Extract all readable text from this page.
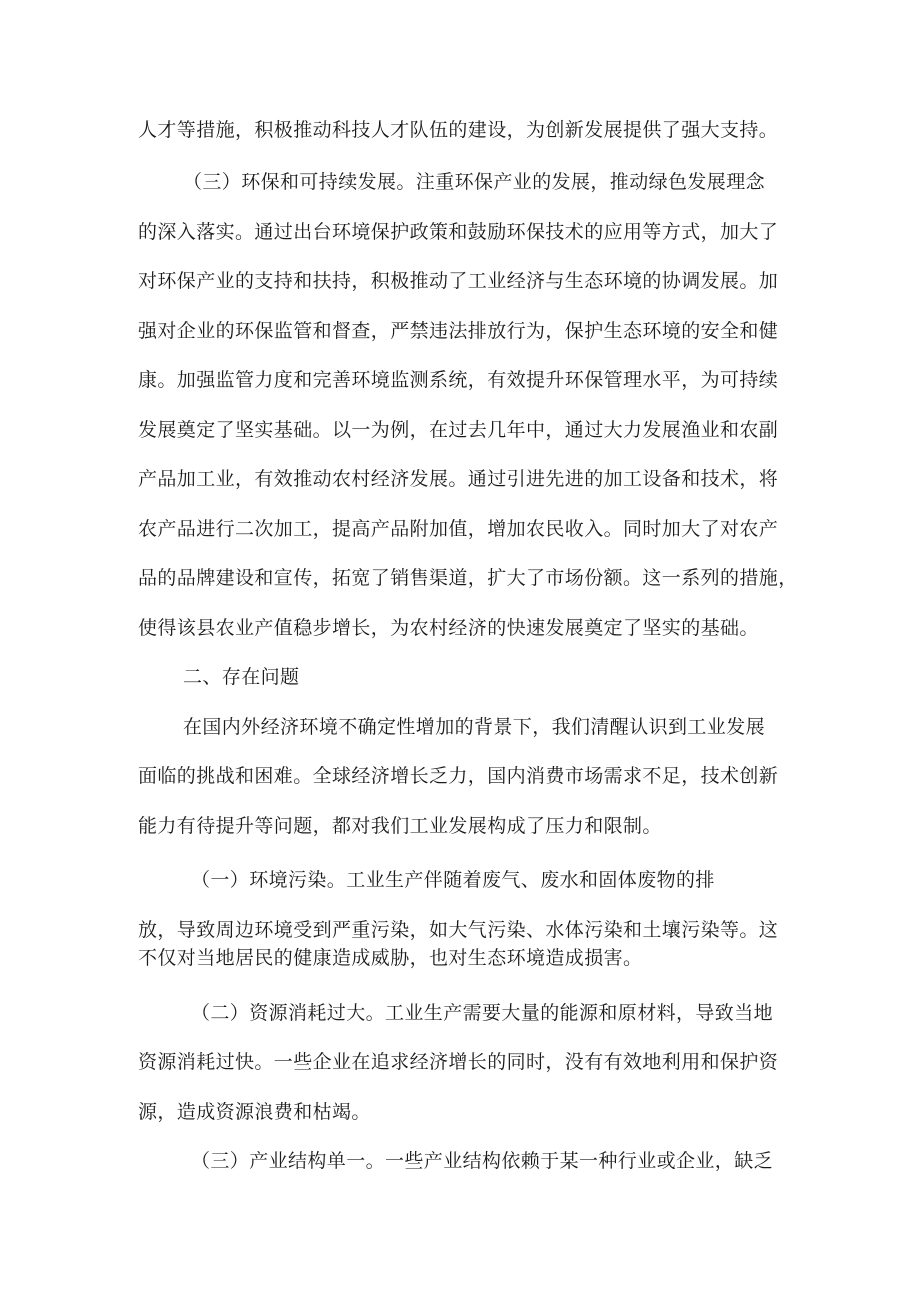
人才等措施，积极推动科技人才队伍的建设，为创新发展提供了强大支持。

（三）环保和可持续发展。注重环保产业的发展，推动绿色发展理念

的深入落实。通过出台环境保护政策和鼓励环保技术的应用等方式，加大了

对环保产业的支持和扶持，积极推动了工业经济与生态环境的协调发展。加

强对企业的环保监管和督查，严禁违法排放行为，保护生态环境的安全和健

康。加强监管力度和完善环境监测系统，有效提升环保管理水平，为可持续

发展奠定了坚实基础。以一为例，在过去几年中，通过大力发展渔业和农副

产品加工业，有效推动农村经济发展。通过引进先进的加工设备和技术，将

农产品进行二次加工，提高产品附加值，增加农民收入。同时加大了对农产

品的品牌建设和宣传，拓宽了销售渠道，扩大了市场份额。这一系列的措施，

使得该县农业产值稳步增长，为农村经济的快速发展奠定了坚实的基础。

二、存在问题

在国内外经济环境不确定性增加的背景下，我们清醒认识到工业发展

面临的挑战和困难。全球经济增长乏力，国内消费市场需求不足，技术创新

能力有待提升等问题，都对我们工业发展构成了压力和限制。

（一）环境污染。工业生产伴随着废气、废水和固体废物的排

放，导致周边环境受到严重污染，如大气污染、水体污染和土壤污染等。这

不仅对当地居民的健康造成威胁，也对生态环境造成损害。

（二）资源消耗过大。工业生产需要大量的能源和原材料，导致当地

资源消耗过快。一些企业在追求经济增长的同时，没有有效地利用和保护资

源，造成资源浪费和枯竭。

（三）产业结构单一。一些产业结构依赖于某一种行业或企业，缺乏
